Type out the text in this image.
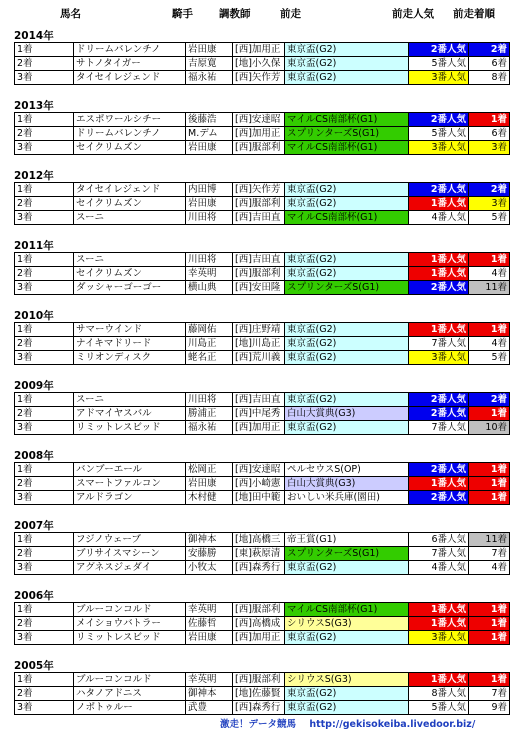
馬名	騎手 調教師	前走	前走人気 前走着順
2014年
1着	ドリームバレンチノ	岩田康	[西]加用正 東京盃(G2)	2番人気	2着
2着	サトノタイガー	吉原寛	[地]小久保 東京盃(G2)	5番人気	6着
3着	タイセイレジェンド	福永祐	[西]矢作芳 東京盃(G2)	3番人気	8着
2013年
1着	エスポワールシチー	後藤浩	[西]安達昭 マイルCS南部杯(G1)	2番人気	1着
2着	ドリームバレンチノ	M.デム	[西]加用正 スプリンターズS(G1)	5番人気	6着
3着	セイクリムズン	岩田康	[西]服部利 マイルCS南部杯(G1)	3番人気	3着
2012年
1着	タイセイレジェンド	内田博	[西]矢作芳 東京盃(G2)	2番人気	2着
2着	セイクリムズン	岩田康	[西]服部利 東京盃(G2)	1番人気	3着
3着	スーニ	川田将	[西]吉田直 マイルCS南部杯(G1)	4番人気	5着
2011年
1着	スーニ	川田将	[西]吉田直 東京盃(G2)	1番人気	1着
2着	セイクリムズン	幸英明	[西]服部利 東京盃(G2)	1番人気	4着
3着	ダッシャーゴーゴー	横山典	[西]安田隆 スプリンターズS(G1)	2番人気	11着
2010年
1着	サマーウインド	藤岡佑	[西]庄野靖 東京盃(G2)	1番人気	1着
2着	ナイキマドリード	川島正	[地]川島正 東京盃(G2)	7番人気	4着
3着	ミリオンディスク	蛯名正	[西]荒川義 東京盃(G2)	3番人気	5着
2009年
1着	スーニ	川田将	[西]吉田直 東京盃(G2)	2番人気	2着
2着	アドマイヤスバル	勝浦正	[西]中尾秀 白山大賞典(G3)	2番人気	1着
3着	リミットレスビッド	福永祐	[西]加用正 東京盃(G2)	7番人気	10着
2008年
1着	バンブーエール	松岡正	[西]安達昭 ペルセウスS(OP)	2番人気	1着
2着	スマートファルコン	岩田康	[西]小崎憲 白山大賞典(G3)	1番人気	1着
3着	アルドラゴン	木村健	[地]田中範 おいしい米兵庫(園田)	2番人気	1着
2007年
1着	フジノウェーブ	御神本	[地]高橋三 帝王賞(G1)	6番人気	11着
2着	ブリサイスマシーン	安藤勝	[東]萩原清 スプリンターズS(G1)	7番人気	7着
3着	アグネスジェダイ	小牧太	[西]森秀行 東京盃(G2)	4番人気	4着
2006年
1着	ブルーコンコルド	幸英明	[西]服部利 マイルCS南部杯(G1)	1番人気	1着
2着	メイショウバトラー	佐藤哲	[西]高橋成 シリウスS(G3)	1番人気	1着
3着	リミットレスビッド	岩田康	[西]加用正 東京盃(G2)	3番人気	1着
2005年
1着	ブルーコンコルド	幸英明	[西]服部利 シリウスS(G3)	1番人気	1着
2着	ハタノアドニス	御神本	[地]佐藤賢 東京盃(G2)	8番人気	7着
3着	ノボトゥルー	武豊	[西]森秀行 東京盃(G2)	5番人気	9着
激走！データ競馬 http://gekisokeiba.livedoor.biz/
